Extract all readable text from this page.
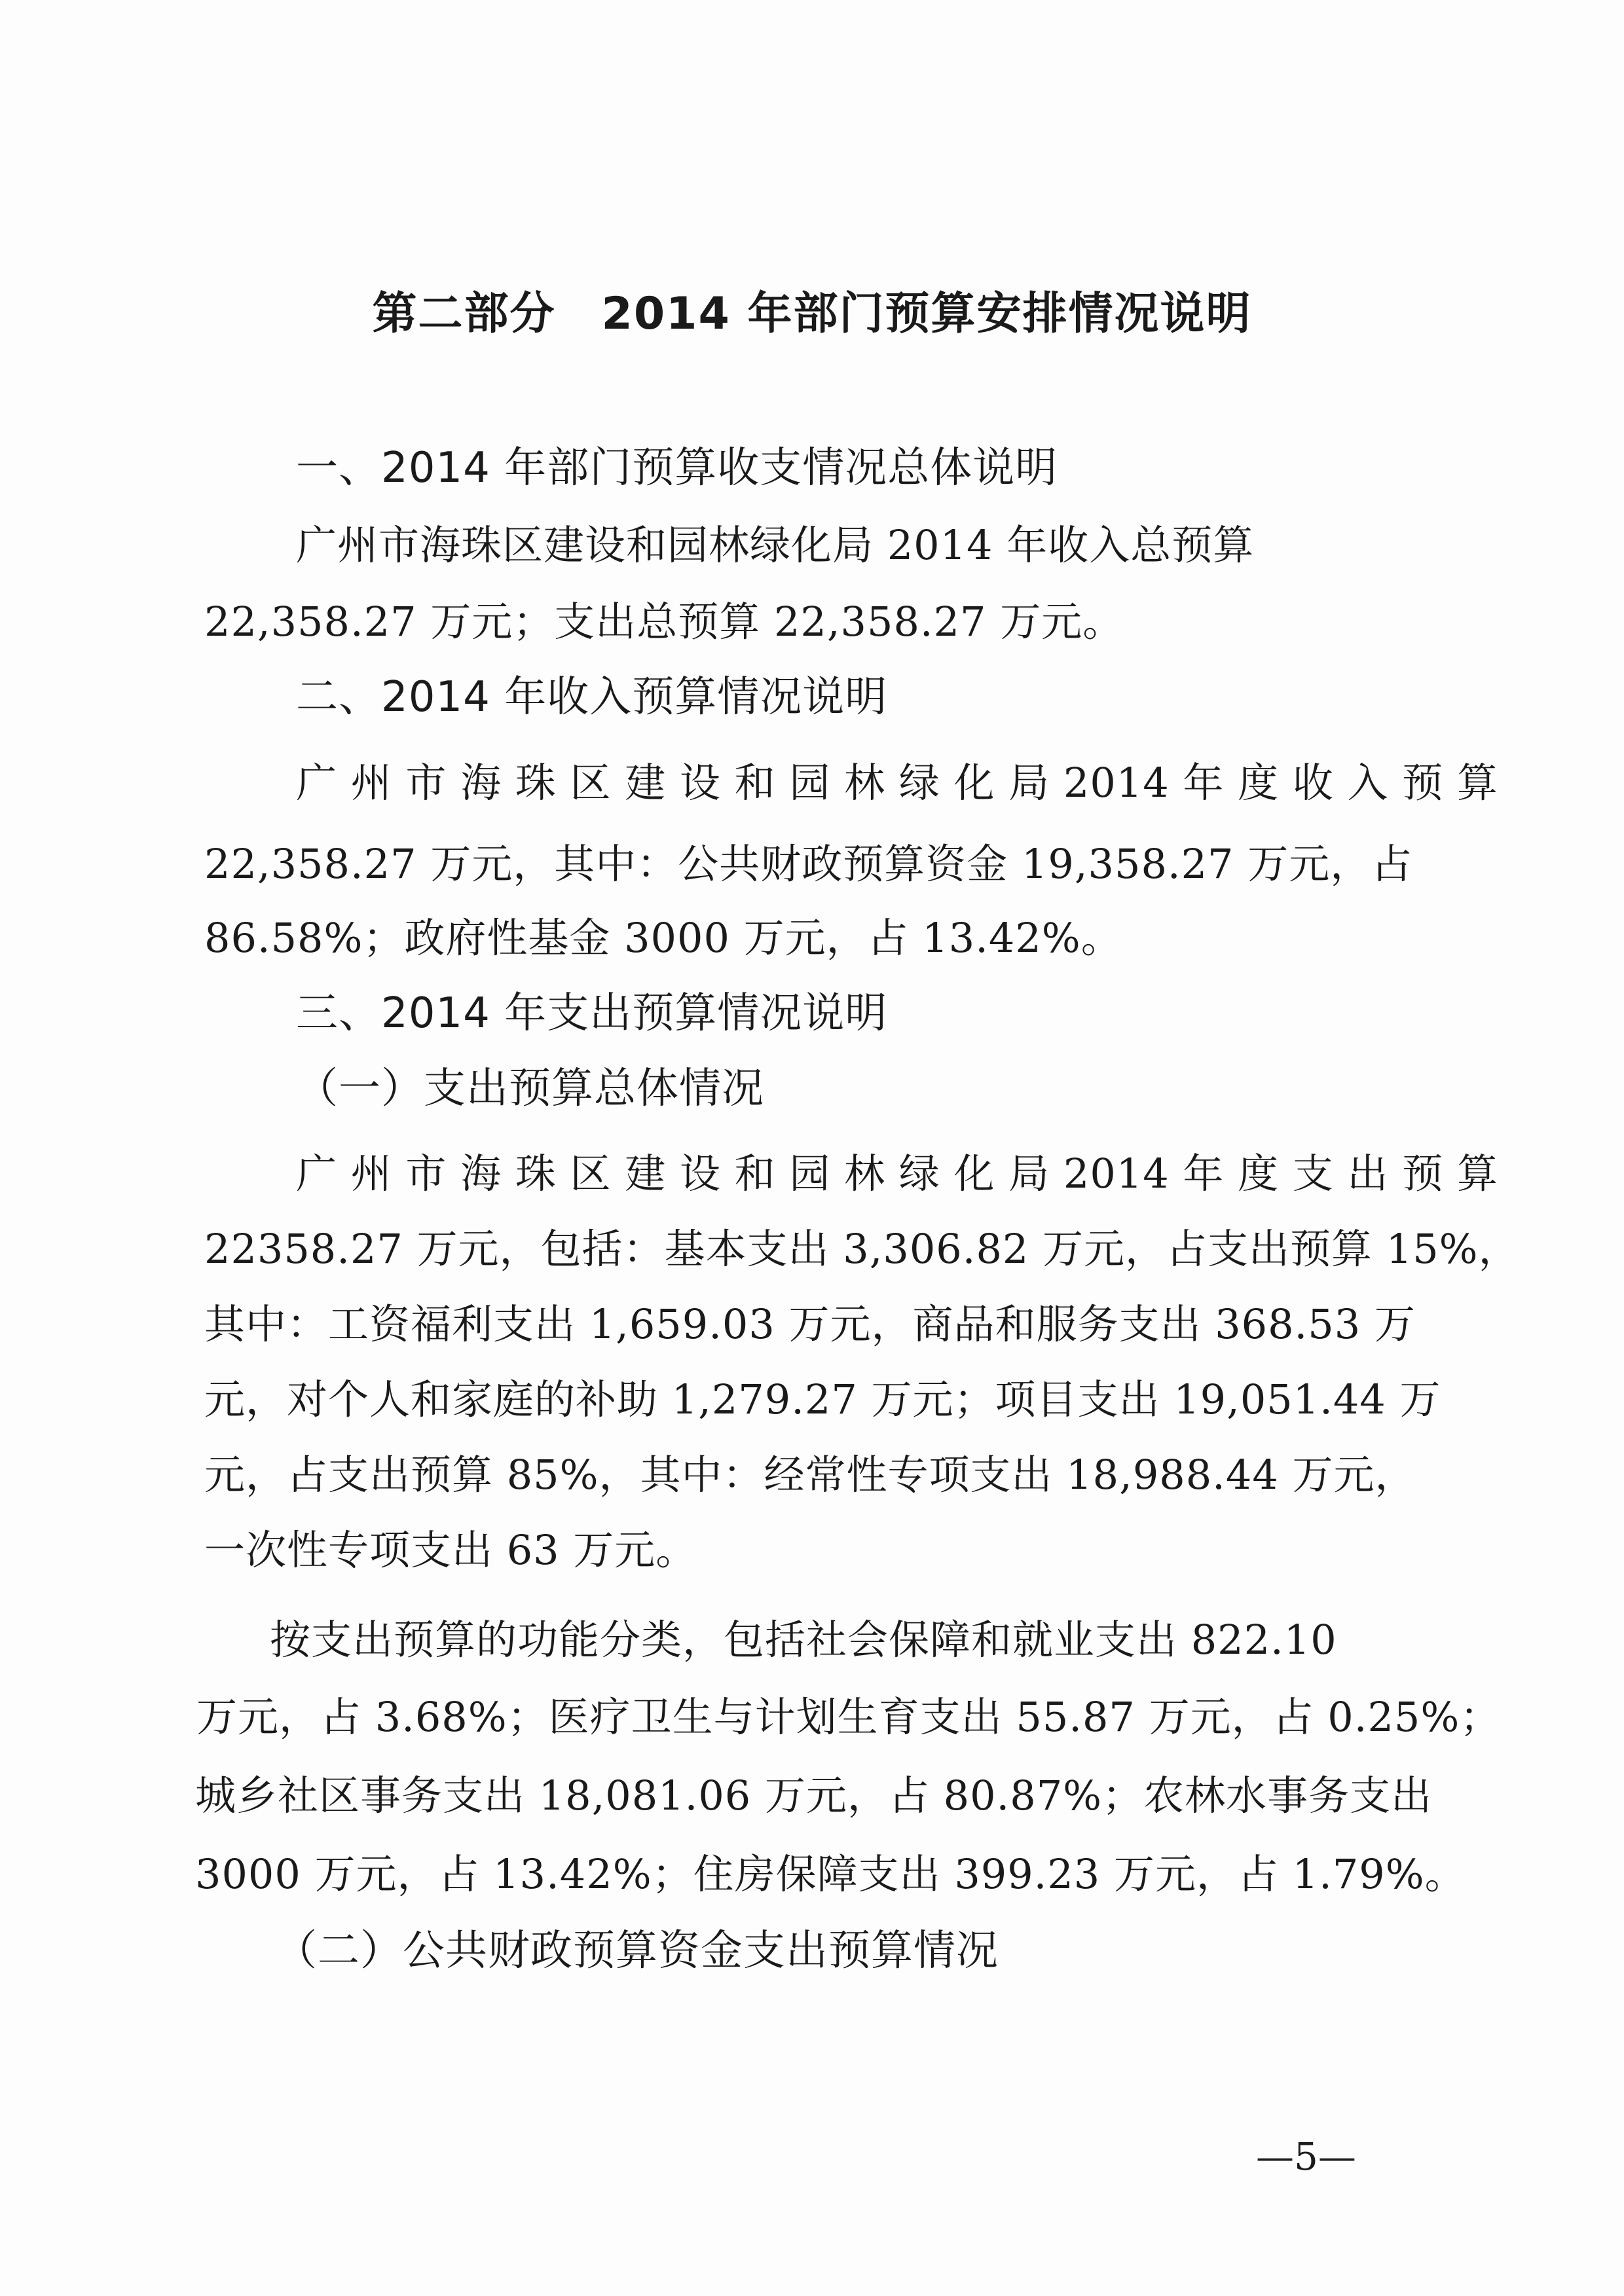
第二部分 2014 年部门预算安排情况说明
一、2014 年部门预算收支情况总体说明
广州市海珠区建设和园林绿化局 2014 年收入总预算
22,358.27 万元；支出总预算 22,358.27 万元。
二、2014 年收入预算情况说明
广 州 市 海 珠 区 建 设 和 园 林 绿 化 局 2014 年 度 收 入 预 算
22,358.27 万元，其中：公共财政预算资金 19,358.27 万元，占
86.58%；政府性基金 3000 万元，占 13.42%。
三、2014 年支出预算情况说明
（一）支出预算总体情况
广 州 市 海 珠 区 建 设 和 园 林 绿 化 局 2014 年 度 支 出 预 算
22358.27 万元，包括：基本支出 3,306.82 万元，占支出预算 15%，
其中：工资福利支出 1,659.03 万元，商品和服务支出 368.53 万
元，对个人和家庭的补助 1,279.27 万元；项目支出 19,051.44 万
元，占支出预算 85%，其中：经常性专项支出 18,988.44 万元，
一次性专项支出 63 万元。
按支出预算的功能分类，包括社会保障和就业支出 822.10
万元，占 3.68%；医疗卫生与计划生育支出 55.87 万元，占 0.25%；
城乡社区事务支出 18,081.06 万元，占 80.87%；农林水事务支出
3000 万元，占 13.42%；住房保障支出 399.23 万元，占 1.79%。
（二）公共财政预算资金支出预算情况
—5—
